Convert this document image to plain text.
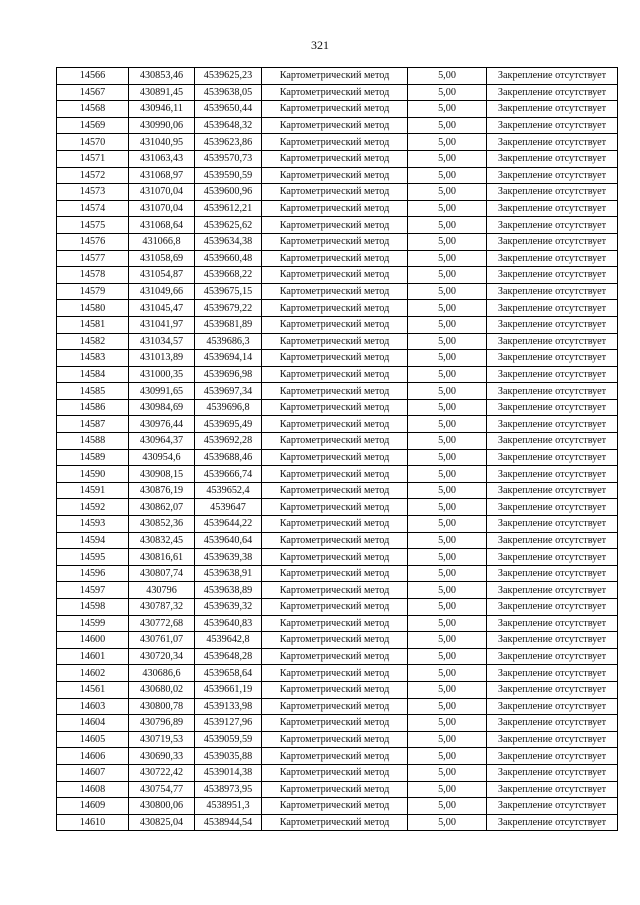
321
14566	430853,46	4539625,23	Картометрический метод	5,00	Закрепление отсутствует
14567	430891,45	4539638,05	Картометрический метод	5,00	Закрепление отсутствует
14568	430946,11	4539650,44	Картометрический метод	5,00	Закрепление отсутствует
14569	430990,06	4539648,32	Картометрический метод	5,00	Закрепление отсутствует
14570	431040,95	4539623,86	Картометрический метод	5,00	Закрепление отсутствует
14571	431063,43	4539570,73	Картометрический метод	5,00	Закрепление отсутствует
14572	431068,97	4539590,59	Картометрический метод	5,00	Закрепление отсутствует
14573	431070,04	4539600,96	Картометрический метод	5,00	Закрепление отсутствует
14574	431070,04	4539612,21	Картометрический метод	5,00	Закрепление отсутствует
14575	431068,64	4539625,62	Картометрический метод	5,00	Закрепление отсутствует
14576	431066,8	4539634,38	Картометрический метод	5,00	Закрепление отсутствует
14577	431058,69	4539660,48	Картометрический метод	5,00	Закрепление отсутствует
14578	431054,87	4539668,22	Картометрический метод	5,00	Закрепление отсутствует
14579	431049,66	4539675,15	Картометрический метод	5,00	Закрепление отсутствует
14580	431045,47	4539679,22	Картометрический метод	5,00	Закрепление отсутствует
14581	431041,97	4539681,89	Картометрический метод	5,00	Закрепление отсутствует
14582	431034,57	4539686,3	Картометрический метод	5,00	Закрепление отсутствует
14583	431013,89	4539694,14	Картометрический метод	5,00	Закрепление отсутствует
14584	431000,35	4539696,98	Картометрический метод	5,00	Закрепление отсутствует
14585	430991,65	4539697,34	Картометрический метод	5,00	Закрепление отсутствует
14586	430984,69	4539696,8	Картометрический метод	5,00	Закрепление отсутствует
14587	430976,44	4539695,49	Картометрический метод	5,00	Закрепление отсутствует
14588	430964,37	4539692,28	Картометрический метод	5,00	Закрепление отсутствует
14589	430954,6	4539688,46	Картометрический метод	5,00	Закрепление отсутствует
14590	430908,15	4539666,74	Картометрический метод	5,00	Закрепление отсутствует
14591	430876,19	4539652,4	Картометрический метод	5,00	Закрепление отсутствует
14592	430862,07	4539647	Картометрический метод	5,00	Закрепление отсутствует
14593	430852,36	4539644,22	Картометрический метод	5,00	Закрепление отсутствует
14594	430832,45	4539640,64	Картометрический метод	5,00	Закрепление отсутствует
14595	430816,61	4539639,38	Картометрический метод	5,00	Закрепление отсутствует
14596	430807,74	4539638,91	Картометрический метод	5,00	Закрепление отсутствует
14597	430796	4539638,89	Картометрический метод	5,00	Закрепление отсутствует
14598	430787,32	4539639,32	Картометрический метод	5,00	Закрепление отсутствует
14599	430772,68	4539640,83	Картометрический метод	5,00	Закрепление отсутствует
14600	430761,07	4539642,8	Картометрический метод	5,00	Закрепление отсутствует
14601	430720,34	4539648,28	Картометрический метод	5,00	Закрепление отсутствует
14602	430686,6	4539658,64	Картометрический метод	5,00	Закрепление отсутствует
14561	430680,02	4539661,19	Картометрический метод	5,00	Закрепление отсутствует
14603	430800,78	4539133,98	Картометрический метод	5,00	Закрепление отсутствует
14604	430796,89	4539127,96	Картометрический метод	5,00	Закрепление отсутствует
14605	430719,53	4539059,59	Картометрический метод	5,00	Закрепление отсутствует
14606	430690,33	4539035,88	Картометрический метод	5,00	Закрепление отсутствует
14607	430722,42	4539014,38	Картометрический метод	5,00	Закрепление отсутствует
14608	430754,77	4538973,95	Картометрический метод	5,00	Закрепление отсутствует
14609	430800,06	4538951,3	Картометрический метод	5,00	Закрепление отсутствует
14610	430825,04	4538944,54	Картометрический метод	5,00	Закрепление отсутствует
